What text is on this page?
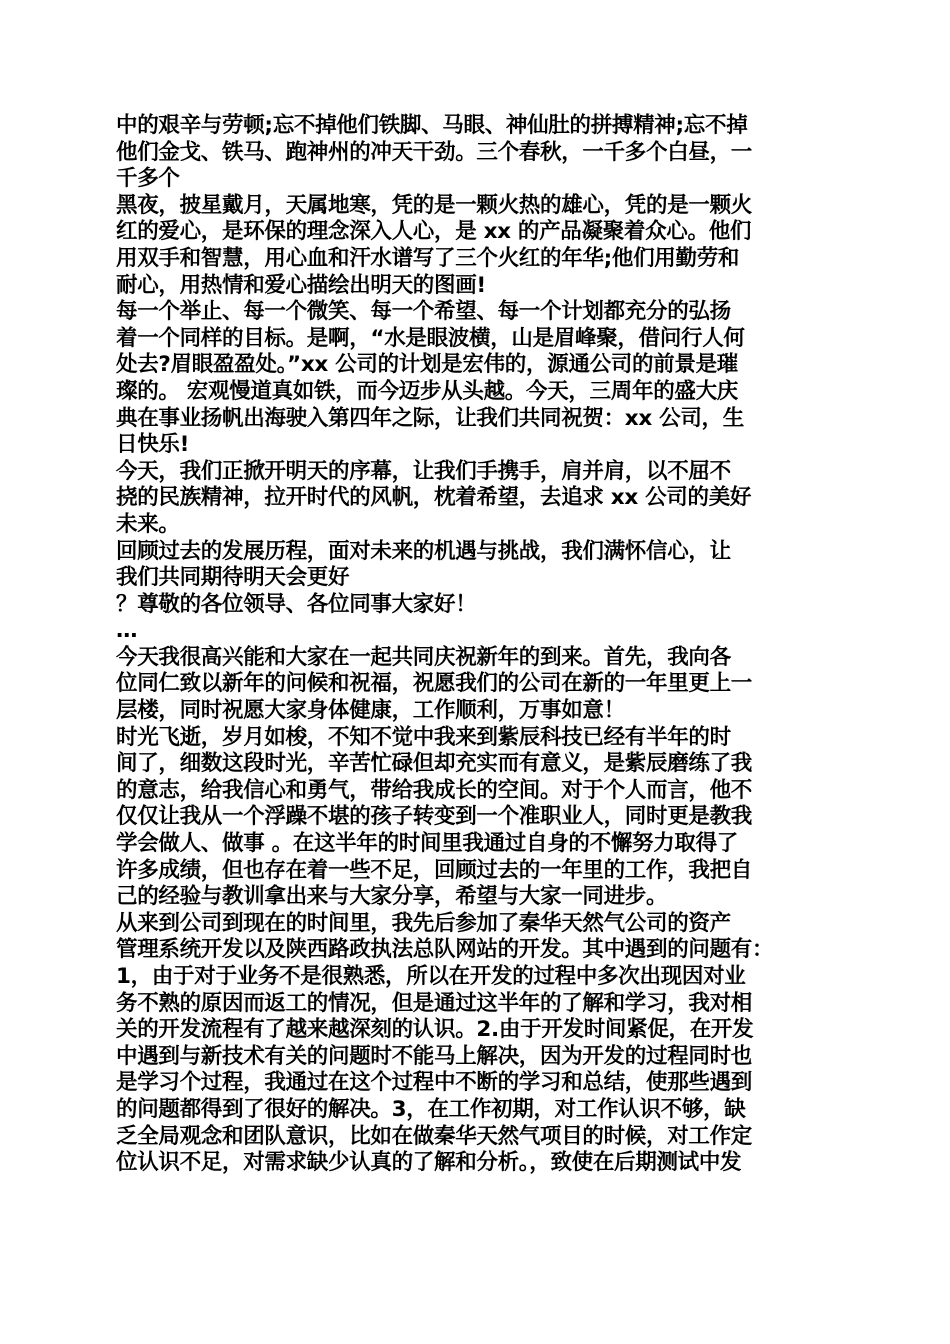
中的艰辛与劳顿;忘不掉他们铁脚、马眼、神仙肚的拼搏精神;忘不掉
他们金戈、铁马、跑神州的冲天干劲。三个春秋，一千多个白昼，一
千多个
黑夜，披星戴月，天属地寒，凭的是一颗火热的雄心，凭的是一颗火
红的爱心，是环保的理念深入人心，是 xx 的产品凝聚着众心。他们
用双手和智慧，用心血和汗水谱写了三个火红的年华;他们用勤劳和
耐心，用热情和爱心描绘出明天的图画!
每一个举止、每一个微笑、每一个希望、每一个计划都充分的弘扬
着一个同样的目标。是啊，“水是眼波横，山是眉峰聚，借问行人何
处去?眉眼盈盈处。”xx 公司的计划是宏伟的，源通公司的前景是璀
璨的。 宏观慢道真如铁，而今迈步从头越。今天，三周年的盛大庆
典在事业扬帆出海驶入第四年之际，让我们共同祝贺：xx 公司，生
日快乐!
今天，我们正掀开明天的序幕，让我们手携手，肩并肩，以不屈不
挠的民族精神，拉开时代的风帆，枕着希望，去追求 xx 公司的美好
未来。
回顾过去的发展历程，面对未来的机遇与挑战，我们满怀信心，让
我们共同期待明天会更好
？尊敬的各位领导、各位同事大家好！
…
今天我很高兴能和大家在一起共同庆祝新年的到来。首先，我向各
位同仁致以新年的问候和祝福，祝愿我们的公司在新的一年里更上一
层楼，同时祝愿大家身体健康，工作顺利，万事如意！
时光飞逝，岁月如梭，不知不觉中我来到紫辰科技已经有半年的时
间了，细数这段时光，辛苦忙碌但却充实而有意义，是紫辰磨练了我
的意志，给我信心和勇气，带给我成长的空间。对于个人而言，他不
仅仅让我从一个浮躁不堪的孩子转变到一个准职业人，同时更是教我
学会做人、做事 。在这半年的时间里我通过自身的不懈努力取得了
许多成绩，但也存在着一些不足，回顾过去的一年里的工作，我把自
己的经验与教训拿出来与大家分享，希望与大家一同进步。
从来到公司到现在的时间里，我先后参加了秦华天然气公司的资产
管理系统开发以及陕西路政执法总队网站的开发。其中遇到的问题有：
1，由于对于业务不是很熟悉，所以在开发的过程中多次出现因对业
务不熟的原因而返工的情况，但是通过这半年的了解和学习，我对相
关的开发流程有了越来越深刻的认识。2.由于开发时间紧促，在开发
中遇到与新技术有关的问题时不能马上解决，因为开发的过程同时也
是学习个过程，我通过在这个过程中不断的学习和总结，使那些遇到
的问题都得到了很好的解决。3，在工作初期，对工作认识不够，缺
乏全局观念和团队意识，比如在做秦华天然气项目的时候，对工作定
位认识不足，对需求缺少认真的了解和分析。，致使在后期测试中发
